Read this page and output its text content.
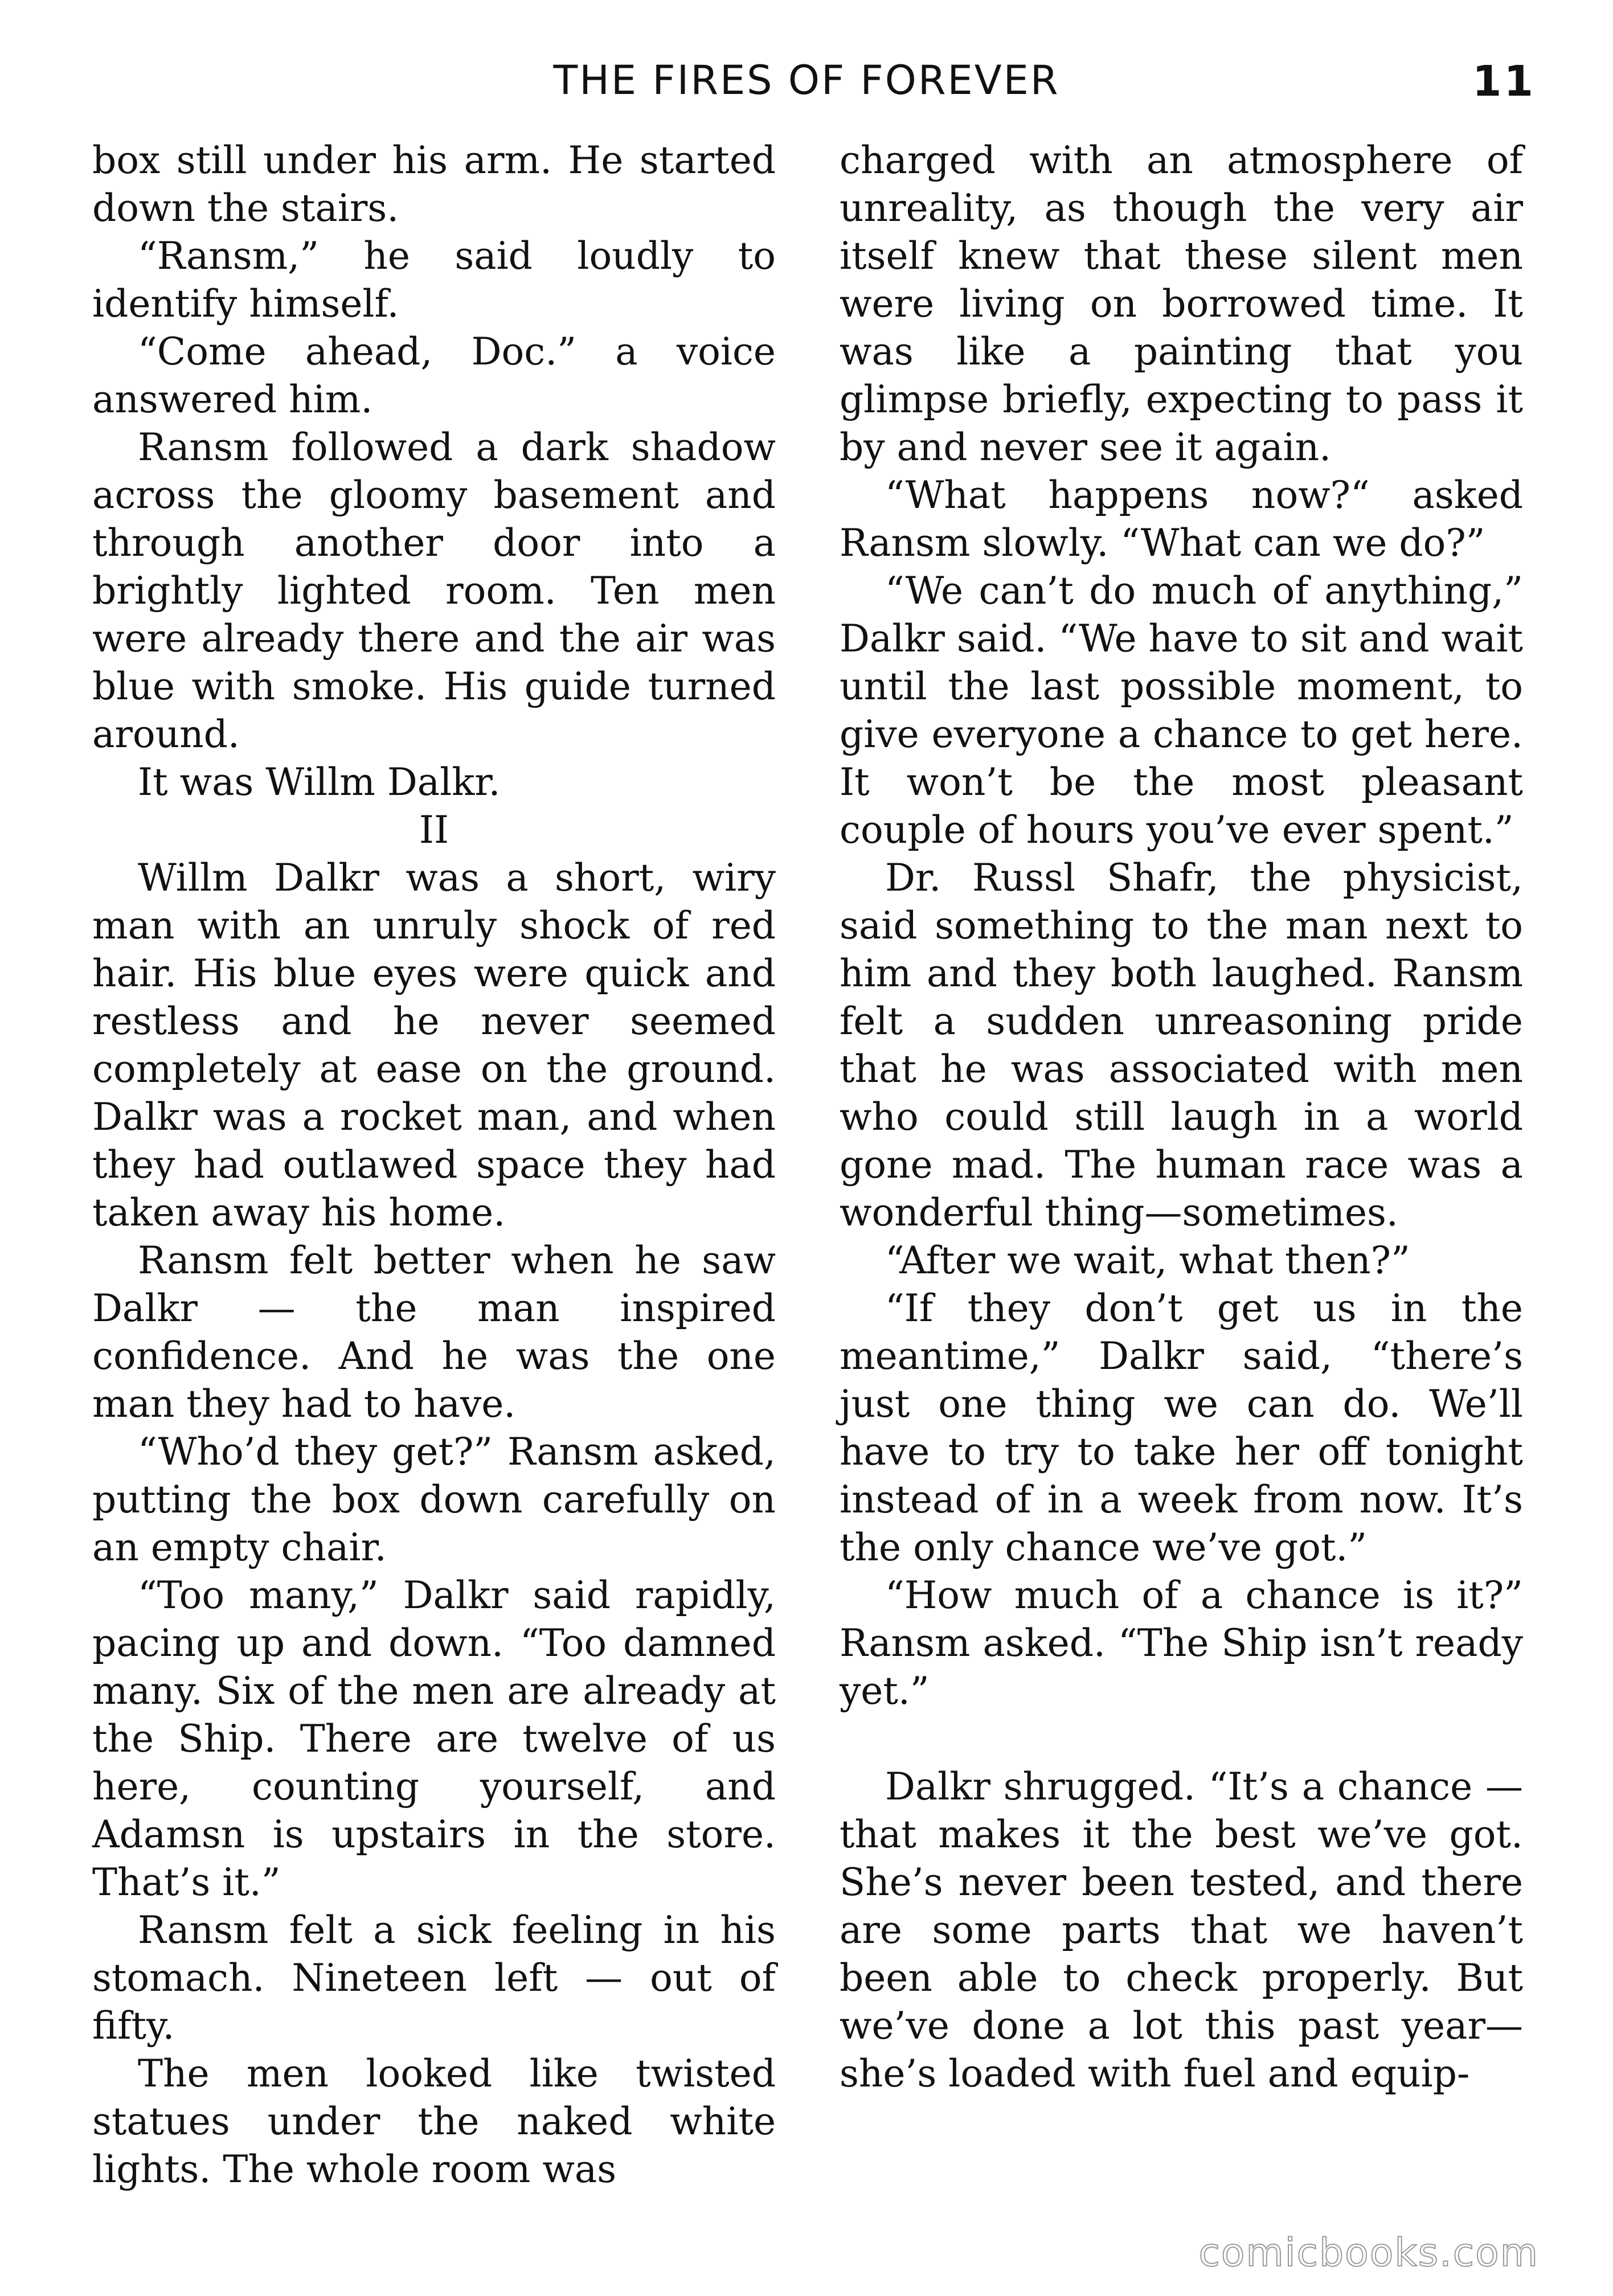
THE FIRES OF FOREVER	11

box still under his arm. He started down the stairs.

“Ransm,” he said loudly to identify himself.

“Come ahead, Doc.” a voice answered him.

Ransm followed a dark shadow across the gloomy basement and through another door into a brightly lighted room. Ten men were already there and the air was blue with smoke. His guide turned around.

It was Willm Dalkr.

II

Willm Dalkr was a short, wiry man with an unruly shock of red hair. His blue eyes were quick and restless and he never seemed completely at ease on the ground. Dalkr was a rocket man, and when they had outlawed space they had taken away his home.

Ransm felt better when he saw Dalkr — the man inspired confidence. And he was the one man they had to have.

“Who’d they get?” Ransm asked, putting the box down carefully on an empty chair.

“Too many,” Dalkr said rapidly, pacing up and down. “Too damned many. Six of the men are already at the Ship. There are twelve of us here, counting yourself, and Adamsn is upstairs in the store. That’s it.”

Ransm felt a sick feeling in his stomach. Nineteen left — out of fifty.

The men looked like twisted statues under the naked white lights. The whole room was

charged with an atmosphere of unreality, as though the very air itself knew that these silent men were living on borrowed time. It was like a painting that you glimpse briefly, expecting to pass it by and never see it again.

“What happens now?“ asked Ransm slowly. “What can we do?”

“We can’t do much of anything,” Dalkr said. “We have to sit and wait until the last possible moment, to give everyone a chance to get here. It won’t be the most pleasant couple of hours you’ve ever spent.”

Dr. Russl Shafr, the physicist, said something to the man next to him and they both laughed. Ransm felt a sudden unreasoning pride that he was associated with men who could still laugh in a world gone mad. The human race was a wonderful thing—sometimes.

“After we wait, what then?”

“If they don’t get us in the meantime,” Dalkr said, “there’s just one thing we can do. We’ll have to try to take her off tonight instead of in a week from now. It’s the only chance we’ve got.”

“How much of a chance is it?” Ransm asked. “The Ship isn’t ready yet.”

Dalkr shrugged. “It’s a chance —that makes it the best we’ve got. She’s never been tested, and there are some parts that we haven’t been able to check properly. But we’ve done a lot this past year— she’s loaded with fuel and equip-

comicbooks.com
